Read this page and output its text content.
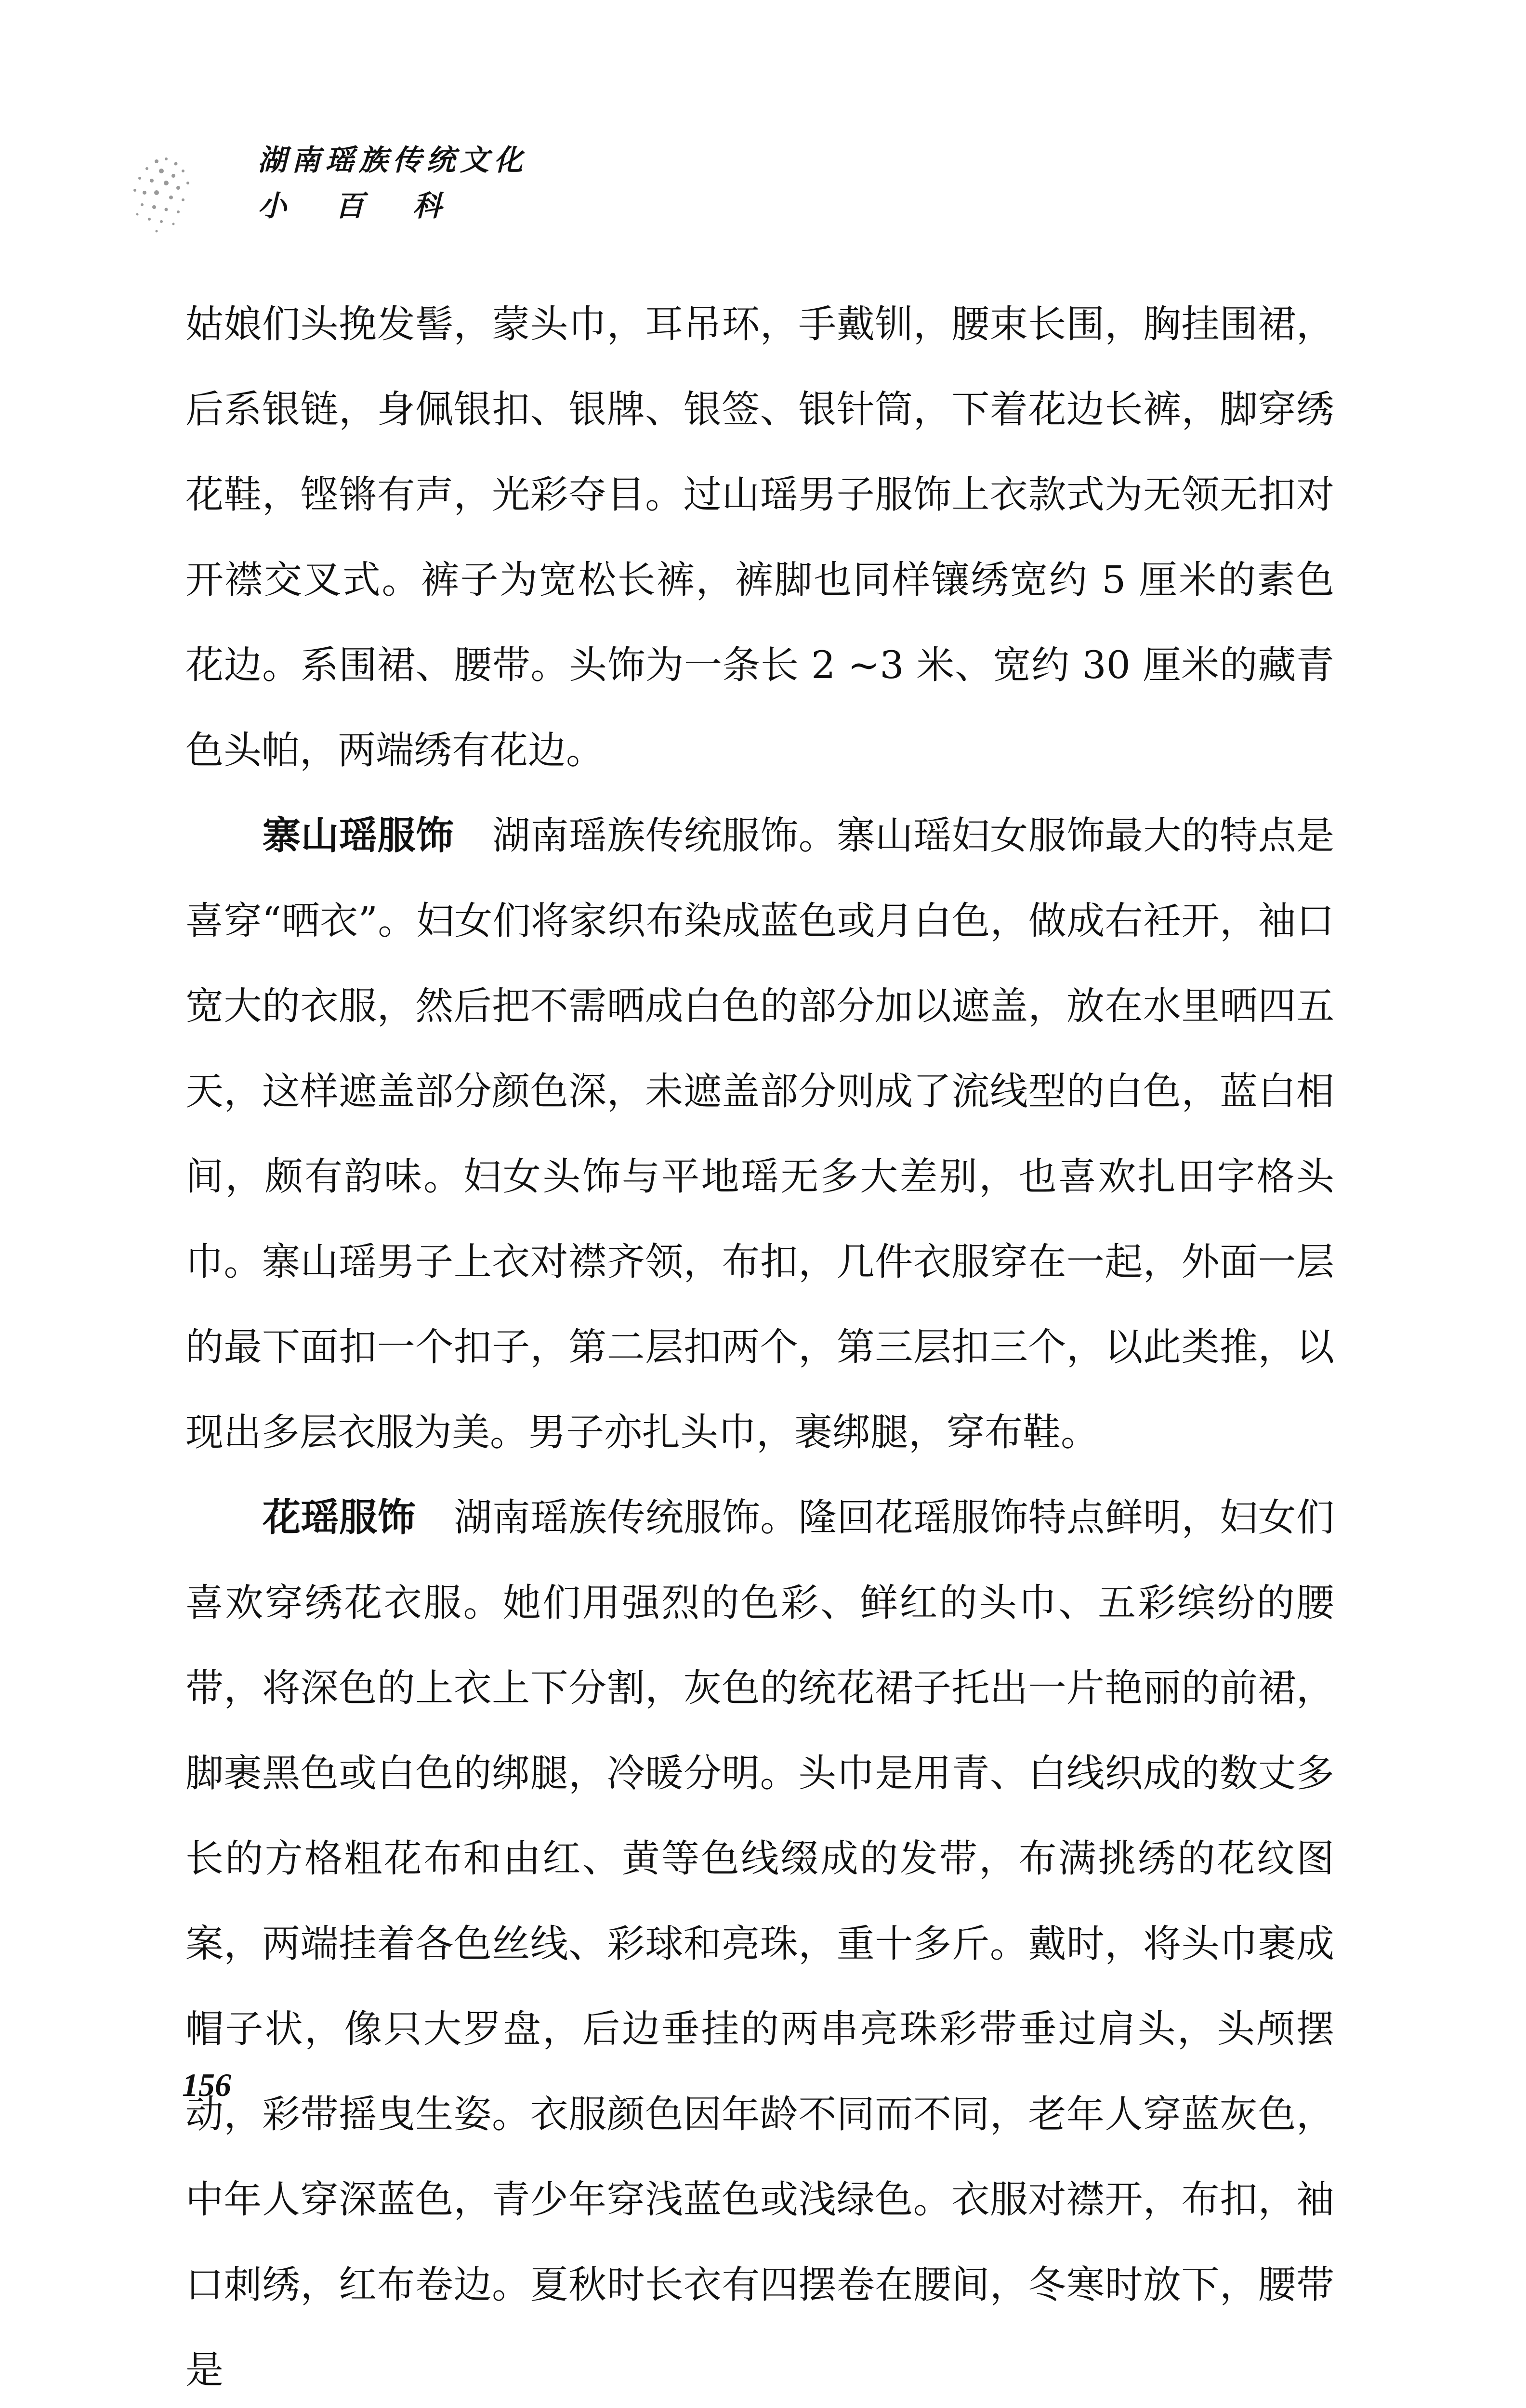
湖南瑶族传统文化
小 百 科

姑娘们头挽发髻，蒙头巾，耳吊环，手戴钏，腰束长围，胸挂围裙，后系银链，身佩银扣、银牌、银签、银针筒，下着花边长裤，脚穿绣花鞋，铿锵有声，光彩夺目。过山瑶男子服饰上衣款式为无领无扣对开襟交叉式。裤子为宽松长裤，裤脚也同样镶绣宽约 5 厘米的素色花边。系围裙、腰带。头饰为一条长 2 ~3 米、宽约 30 厘米的藏青色头帕，两端绣有花边。

寨山瑶服饰　 湖南瑶族传统服饰。寨山瑶妇女服饰最大的特点是喜穿“晒衣”。妇女们将家织布染成蓝色或月白色，做成右衽开，袖口宽大的衣服，然后把不需晒成白色的部分加以遮盖，放在水里晒四五天，这样遮盖部分颜色深，未遮盖部分则成了流线型的白色，蓝白相间，颇有韵味。妇女头饰与平地瑶无多大差别，也喜欢扎田字格头巾。寨山瑶男子上衣对襟齐领，布扣，几件衣服穿在一起，外面一层的最下面扣一个扣子，第二层扣两个，第三层扣三个，以此类推，以现出多层衣服为美。男子亦扎头巾，裹绑腿，穿布鞋。

花瑶服饰　 湖南瑶族传统服饰。隆回花瑶服饰特点鲜明，妇女们喜欢穿绣花衣服。她们用强烈的色彩、鲜红的头巾、五彩缤纷的腰带，将深色的上衣上下分割，灰色的统花裙子托出一片艳丽的前裙，脚裹黑色或白色的绑腿，冷暖分明。头巾是用青、白线织成的数丈多长的方格粗花布和由红、黄等色线缀成的发带，布满挑绣的花纹图案，两端挂着各色丝线、彩球和亮珠，重十多斤。戴时，将头巾裹成帽子状，像只大罗盘，后边垂挂的两串亮珠彩带垂过肩头，头颅摆动，彩带摇曳生姿。衣服颜色因年龄不同而不同，老年人穿蓝灰色，中年人穿深蓝色，青少年穿浅蓝色或浅绿色。衣服对襟开，布扣，袖口刺绣，红布卷边。夏秋时长衣有四摆卷在腰间，冬寒时放下，腰带是

156
